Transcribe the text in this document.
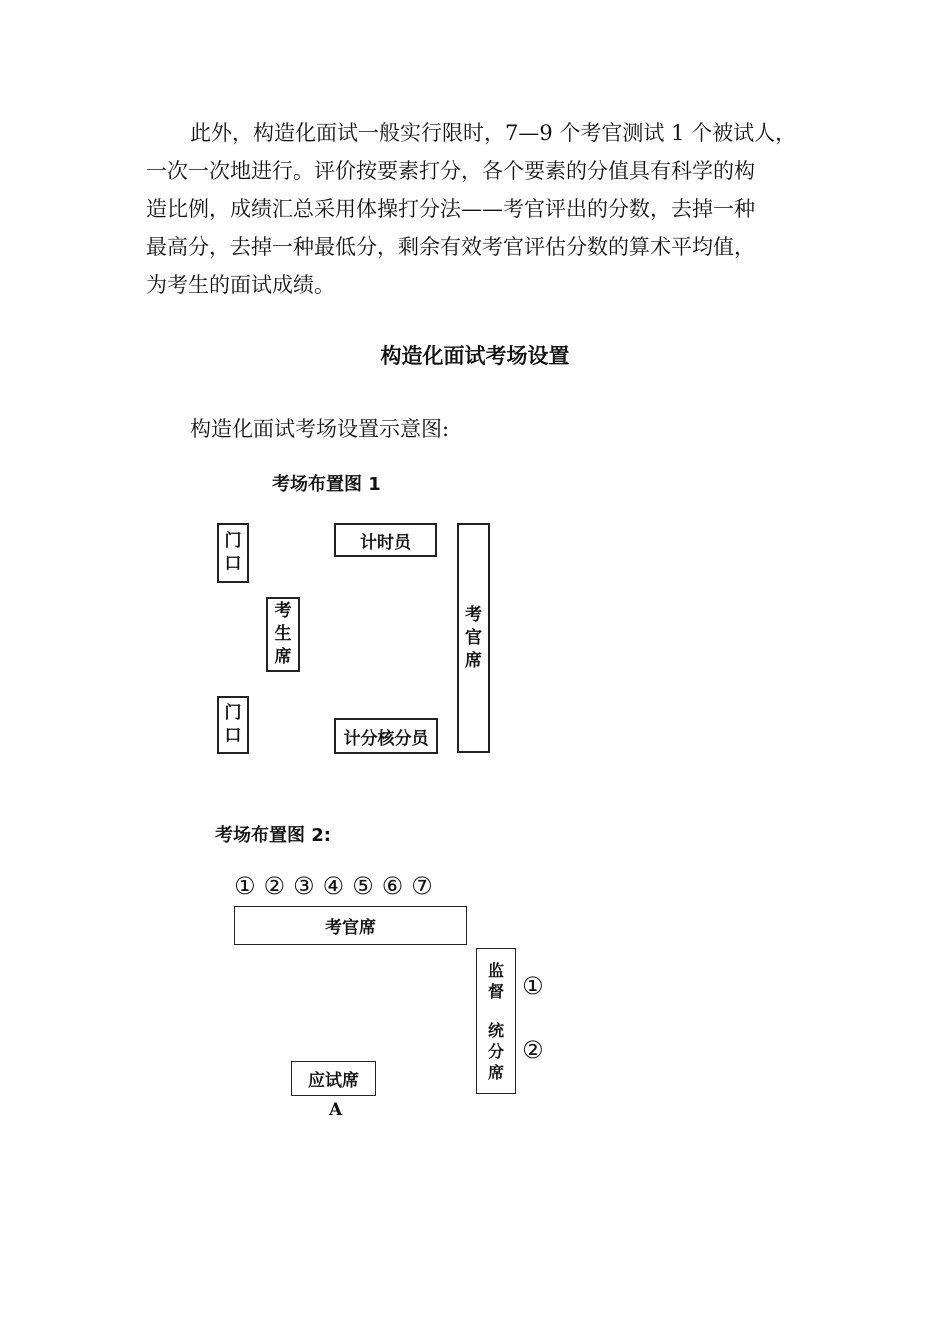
此外，构造化面试一般实行限时，7—9 个考官测试 1 个被试人，
一次一次地进行。评价按要素打分，各个要素的分值具有科学的构
造比例，成绩汇总采用体操打分法——考官评出的分数，去掉一种
最高分，去掉一种最低分，剩余有效考官评估分数的算术平均值，
为考生的面试成绩。
构造化面试考场设置

构造化面试考场设置示意图:

考场布置图 1

门
口
计时员
考
官
席
考
生
席
门
口	计分核分员

考场布置图 2:

① ② ③ ④ ⑤ ⑥ ⑦
考官席
监
督
统
分
席
①
②
应试席
A
